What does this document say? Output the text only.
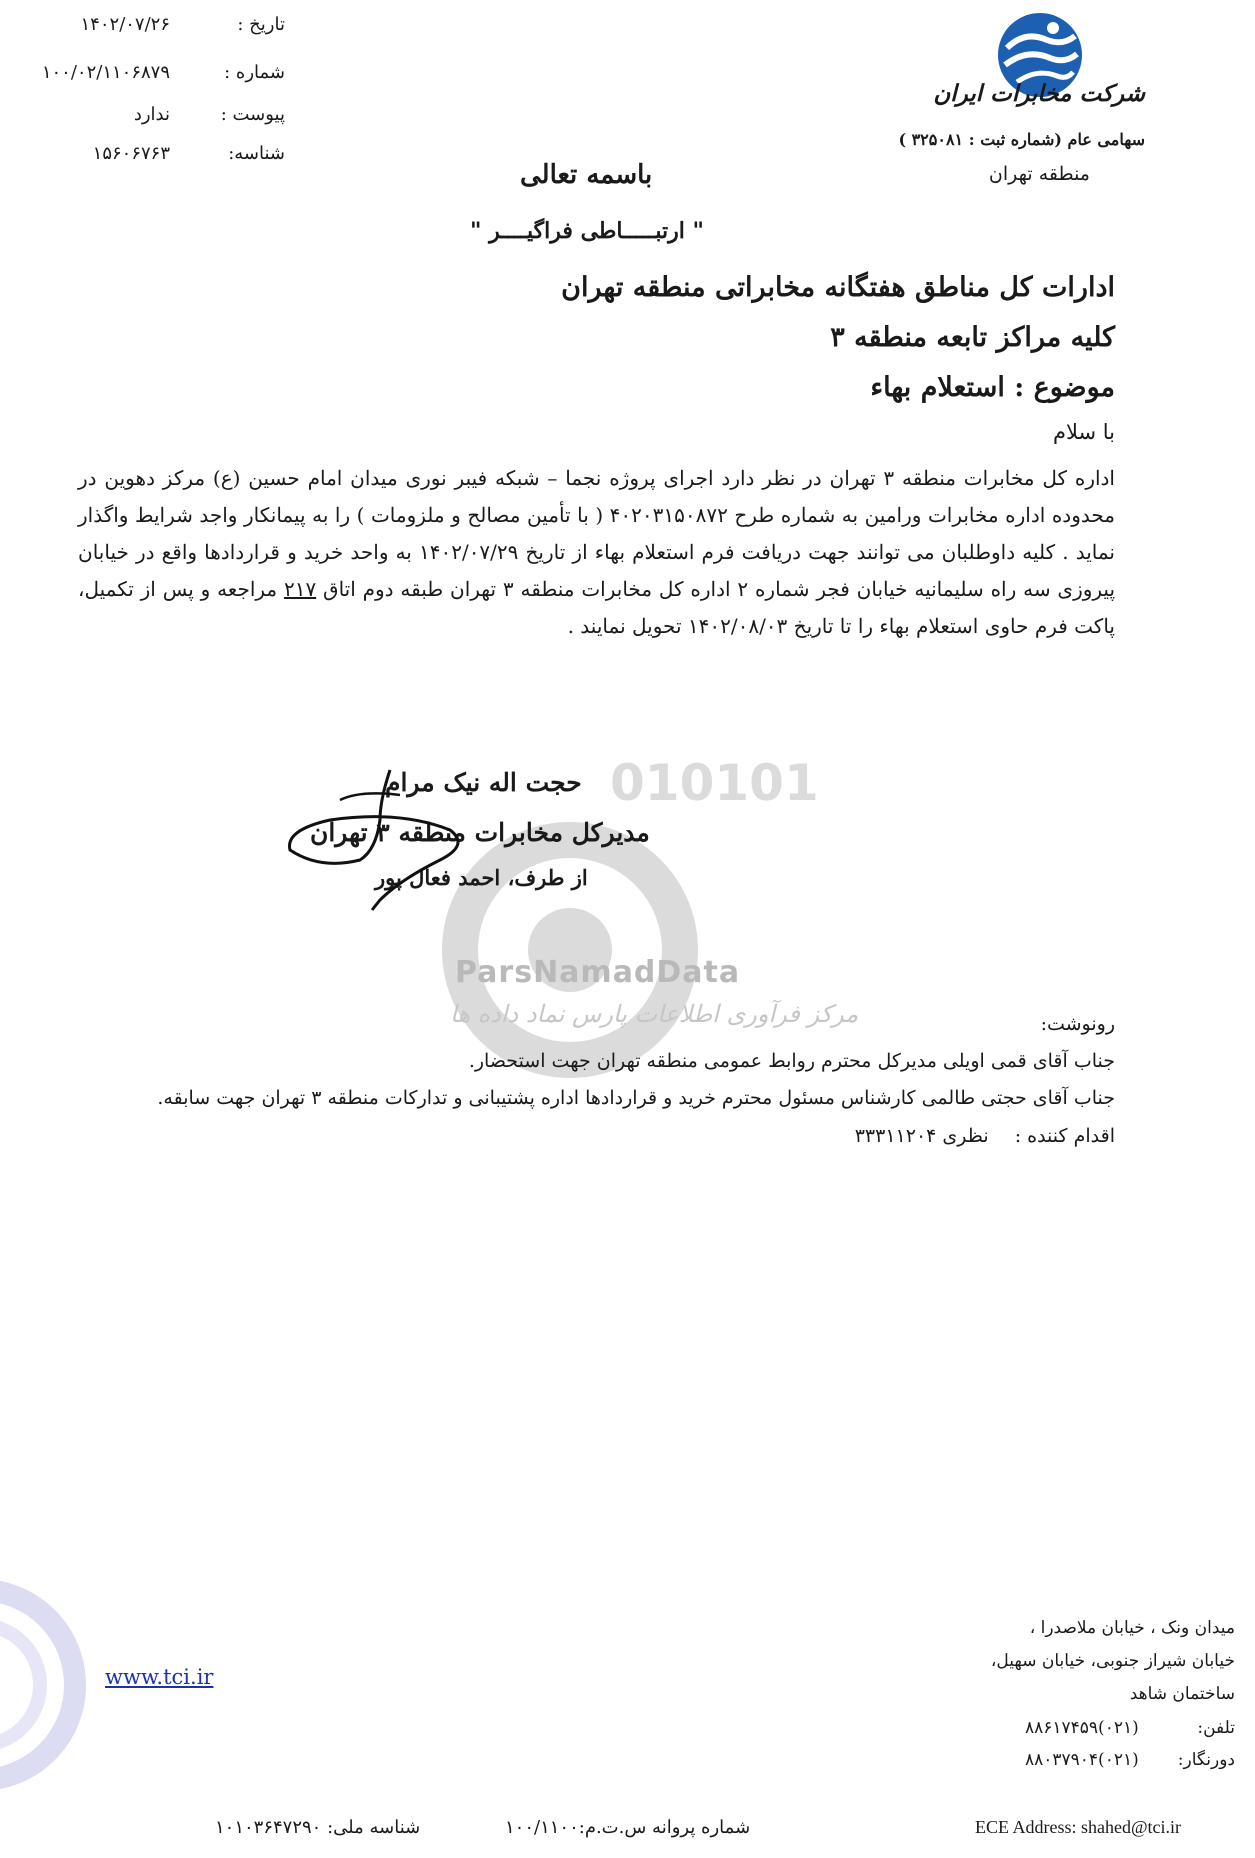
تاریخ :
۱۴۰۲/۰۷/۲۶
شماره :
۱۰۰/۰۲/۱۱۰۶۸۷۹
پیوست :
ندارد
شناسه:
۱۵۶۰۶۷۶۳
شرکت مخابرات ایران
سهامی عام (شماره ثبت : ۳۲۵۰۸۱ )
منطقه تهران
باسمه تعالی
" ارتبـــــاطی فراگیــــر "
ادارات کل مناطق هفتگانه مخابراتی منطقه تهران
کلیه مراکز تابعه منطقه ۳
موضوع : استعلام بهاء
با سلام
اداره کل مخابرات منطقه ۳ تهران در نظر دارد اجرای پروژه نجما – شبکه فیبر نوری میدان امام حسین (ع) مرکز دهوین در محدوده اداره مخابرات ورامین به شماره طرح ۴۰۲۰۳۱۵۰۸۷۲ ( با تأمین مصالح و ملزومات ) را به پیمانکار واجد شرایط واگذار نماید . کلیه داوطلبان می توانند جهت دریافت فرم استعلام بهاء از تاریخ ۱۴۰۲/۰۷/۲۹ به واحد خرید و قراردادها واقع در خیابان پیروزی سه راه سلیمانیه خیابان فجر شماره ۲ اداره کل مخابرات منطقه ۳ تهران طبقه دوم اتاق ۲۱۷ مراجعه و پس از تکمیل، پاکت فرم حاوی استعلام بهاء را تا تاریخ ۱۴۰۲/۰۸/۰۳ تحویل نمایند .
010101
ParsNamadData
مرکز فرآوری اطلاعات پارس نماد داده ها
حجت اله نیک مرام
مدیرکل مخابرات منطقه ۳ تهران
از طرف، احمد فعال پور
رونوشت:
جناب آقای قمی اویلی مدیرکل محترم روابط عمومی منطقه تهران جهت استحضار.
جناب آقای حجتی طالمی کارشناس مسئول محترم خرید و قراردادها اداره پشتیبانی و تدارکات منطقه ۳ تهران جهت سابقه.
اقدام کننده : نظری ۳۳۳۱۱۲۰۴
میدان ونک ، خیابان ملاصدرا ،
خیابان شیراز جنوبی، خیابان سهیل،
ساختمان شاهد
تلفن:
(۰۲۱)۸۸۶۱۷۴۵۹
دورنگار:
(۰۲۱)۸۸۰۳۷۹۰۴
www.tci.ir
ECE Address: shahed@tci.ir
شماره پروانه س.ت.م:۱۰۰/۱۱۰۰
شناسه ملی: ۱۰۱۰۳۶۴۷۲۹۰
